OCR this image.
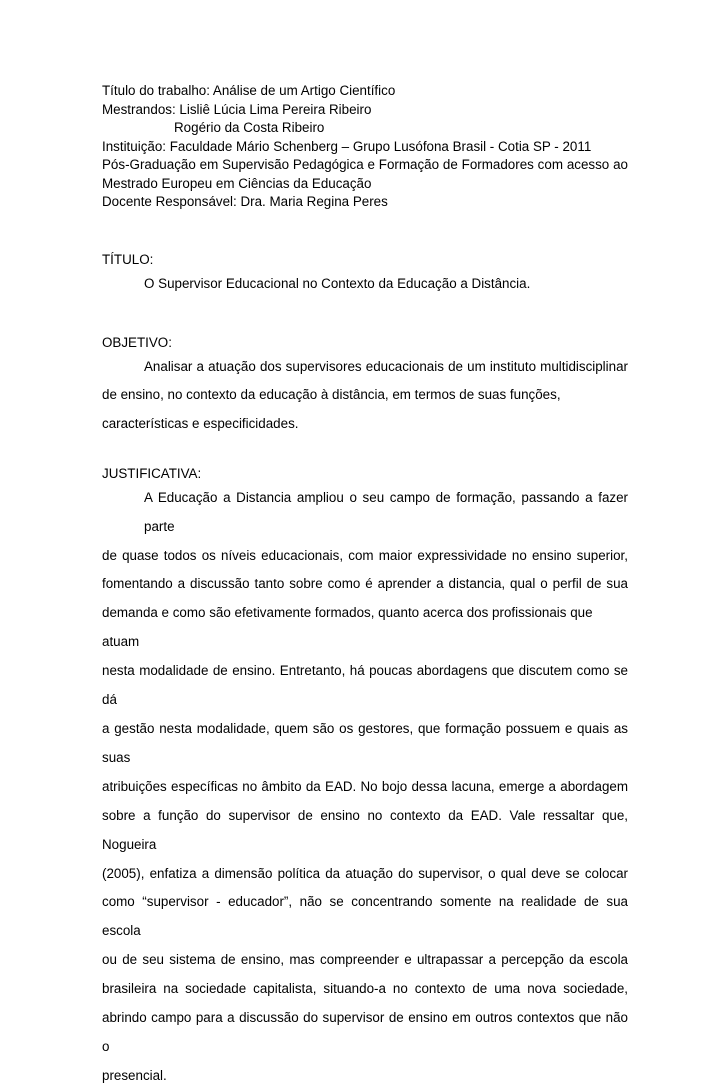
Título do trabalho: Análise de um Artigo Científico

Mestrandos: Lisliê Lúcia Lima Pereira Ribeiro

Rogério da Costa Ribeiro

Instituição: Faculdade Mário Schenberg – Grupo Lusófona Brasil - Cotia SP - 2011

Pós-Graduação em Supervisão Pedagógica e Formação de Formadores com acesso ao

Mestrado Europeu em Ciências da Educação

Docente Responsável: Dra. Maria Regina Peres

TÍTULO:

O Supervisor Educacional no Contexto da Educação a Distância.

OBJETIVO:

Analisar a atuação dos supervisores educacionais de um instituto multidisciplinar
de ensino, no contexto da educação à distância, em termos de suas funções,
características e especificidades.

JUSTIFICATIVA:

A Educação a Distancia ampliou o seu campo de formação, passando a fazer parte
de quase todos os níveis educacionais, com maior expressividade no ensino superior,
fomentando a discussão tanto sobre como é aprender a distancia, qual o perfil de sua
demanda e como são efetivamente formados, quanto acerca dos profissionais que atuam
nesta modalidade de ensino. Entretanto, há poucas abordagens que discutem como se dá
a gestão nesta modalidade, quem são os gestores, que formação possuem e quais as suas
atribuições específicas no âmbito da EAD. No bojo dessa lacuna, emerge a abordagem
sobre a função do supervisor de ensino no contexto da EAD. Vale ressaltar que, Nogueira
(2005), enfatiza a dimensão política da atuação do supervisor, o qual deve se colocar
como “supervisor - educador”, não se concentrando somente na realidade de sua escola
ou de seu sistema de ensino, mas compreender e ultrapassar a percepção da escola
brasileira na sociedade capitalista, situando-a no contexto de uma nova sociedade,
abrindo campo para a discussão do supervisor de ensino em outros contextos que não o
presencial.
